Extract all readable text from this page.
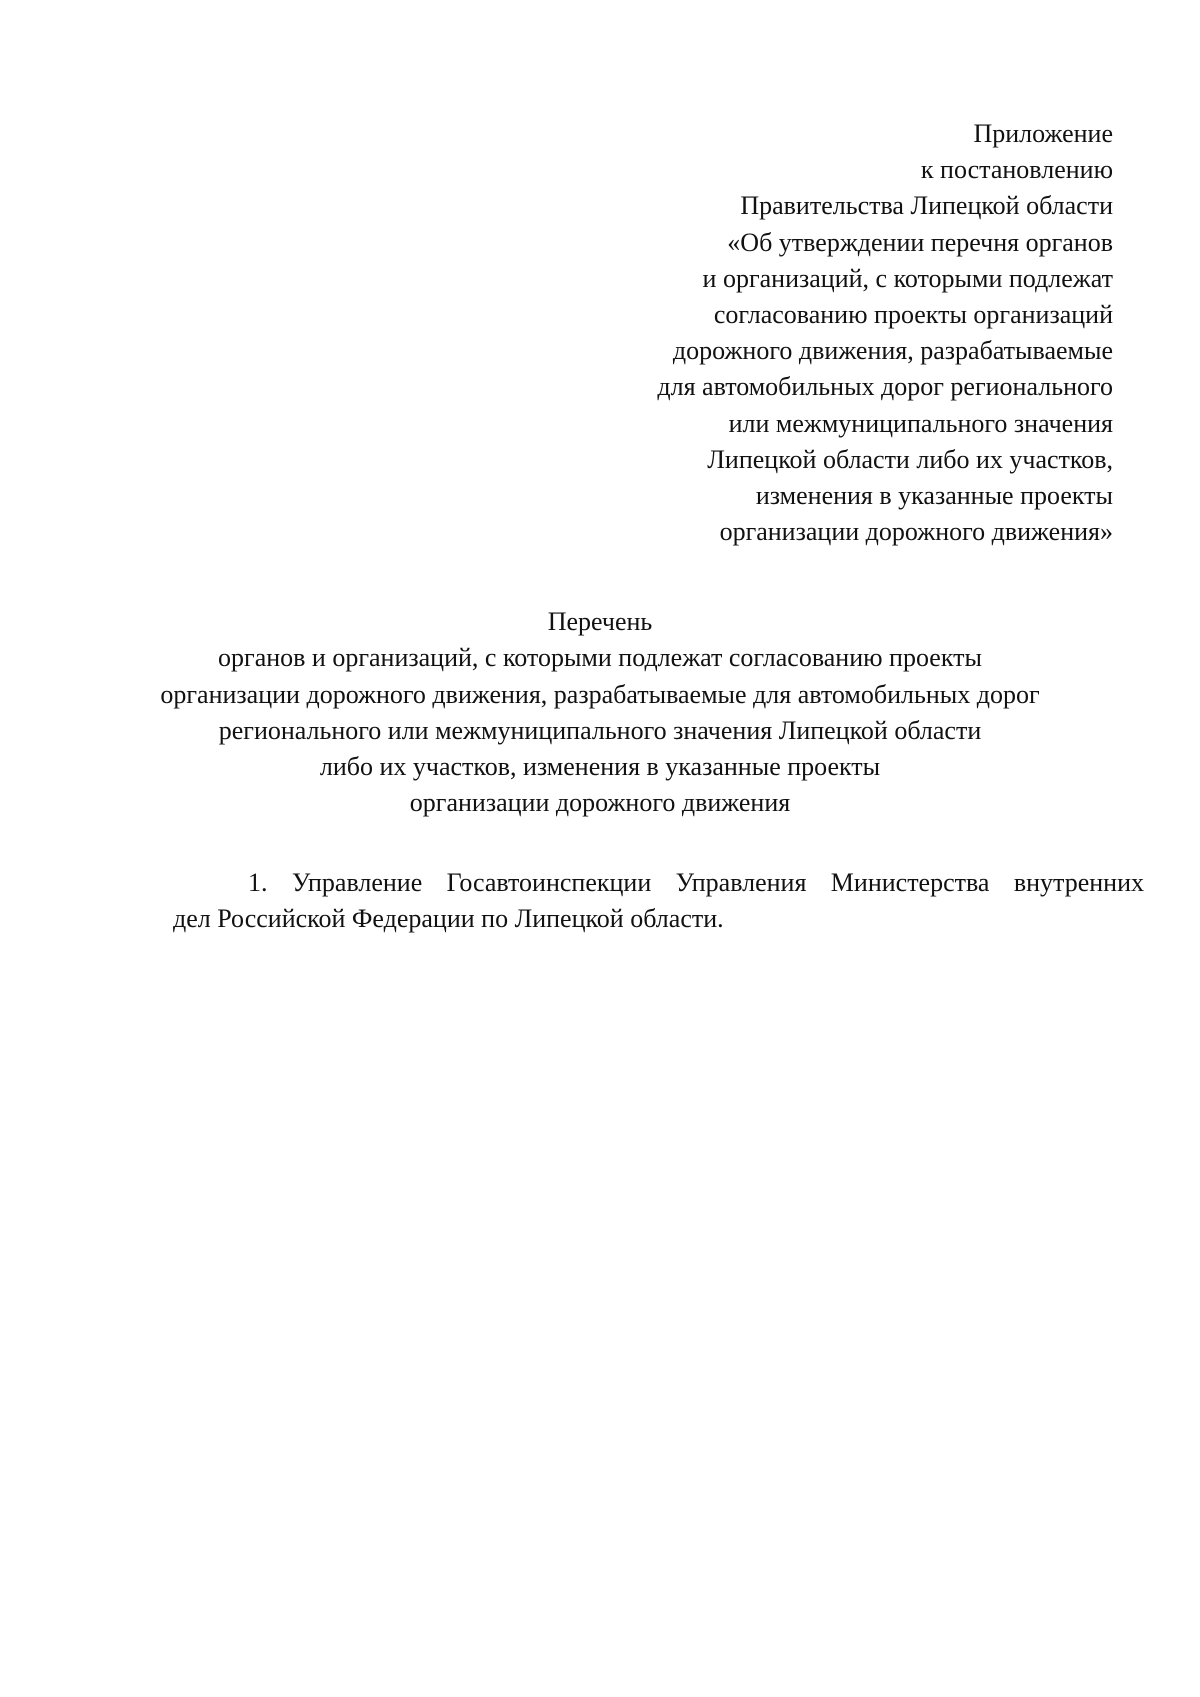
Приложение
к постановлению
Правительства Липецкой области
«Об утверждении перечня органов
и организаций, с которыми подлежат
согласованию проекты организаций
дорожного движения, разрабатываемые
для автомобильных дорог регионального
или межмуниципального значения
Липецкой области либо их участков,
изменения в указанные проекты
организации дорожного движения»
Перечень
органов и организаций, с которыми подлежат согласованию проекты
организации дорожного движения, разрабатываемые для автомобильных дорог
регионального или межмуниципального значения Липецкой области
либо их участков, изменения в указанные проекты
организации дорожного движения
1. Управление Госавтоинспекции Управления Министерства внутренних
дел Российской Федерации по Липецкой области.
